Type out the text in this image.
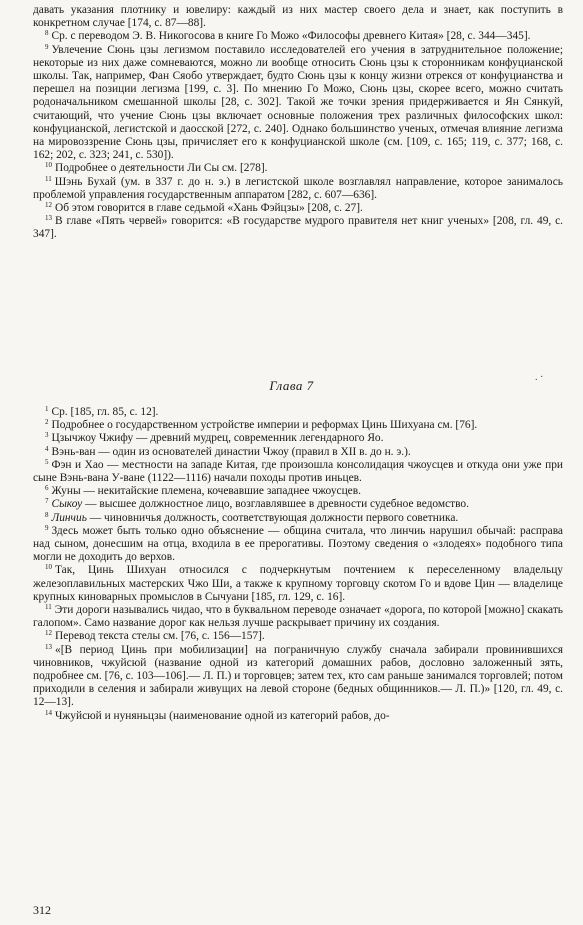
давать указания плотнику и ювелиру: каждый из них мастер своего дела и знает, как поступить в конкретном случае [174, с. 87—88].

$^8$ Ср. с переводом Э. В. Никогосова в книге Го Можо «Философы древнего Китая» [28, с. 344—345].

$^9$ Увлечение Сюнь цзы легизмом поставило исследователей его учения в затруднительное положение; некоторые из них даже сомневаются, можно ли вообще относить Сюнь цзы к сторонникам конфуцианской школы. Так, например, Фан Сяобо утверждает, будто Сюнь цзы к концу жизни отрекся от конфуцианства и перешел на позиции легизма [199, с. 3]. По мнению Го Можо, Сюнь цзы, скорее всего, можно считать родоначальником смешанной школы [28, с. 302]. Такой же точки зрения придерживается и Ян Сянкуй, считающий, что учение Сюнь цзы включает основные положения трех различных философских школ: конфуцианской, легистской и даосской [272, с. 240]. Однако большинство ученых, отмечая влияние легизма на мировоззрение Сюнь цзы, причисляет его к конфуцианской школе (см. [109, с. 165; 119, с. 377; 168, с. 162; 202, с. 323; 241, с. 530]).

$^{10}$ Подробнее о деятельности Ли Сы см. [278].

$^{11}$ Шэнь Бухай (ум. в 337 г. до н. э.) в легистской школе возглавлял направление, которое занималось проблемой управления государственным аппаратом [282, с. 607—636].

$^{12}$ Об этом говорится в главе седьмой «Хань Фэйцзы» [208, с. 27].

$^{13}$ В главе «Пять червей» говорится: «В государстве мудрого правителя нет книг ученых» [208, гл. 49, с. 347].

Глава 7
. ·

$^1$ Ср. [185, гл. 85, с. 12].

$^2$ Подробнее о государственном устройстве империи и реформах Цинь Шихуана см. [76].

$^3$ Цзычжоу Чжифу — древний мудрец, современник легендарного Яо.

$^4$ Вэнь-ван — один из основателей династии Чжоу (правил в XII в. до н. э.).

$^5$ Фэн и Хао — местности на западе Китая, где произошла консолидация чжоусцев и откуда они уже при сыне Вэнь-вана У-ване (1122—1116) начали походы против иньцев.

$^6$ Жуны — некитайские племена, кочевавшие западнее чжоусцев.

$^7$ Сыкоу — высшее должностное лицо, возглавлявшее в древности судебное ведомство.

$^8$ Линчиь — чиновничья должность, соответствующая должности первого советника.

$^9$ Здесь может быть только одно объяснение — община считала, что линчиь нарушил обычай: расправа над сыном, донесшим на отца, входила в ее прерогативы. Поэтому сведения о «злодеях» подобного типа могли не доходить до верхов.

$^{10}$ Так, Цинь Шихуан относился с подчеркнутым почтением к переселенному владельцу железоплавильных мастерских Чжо Ши, а также к крупному торговцу скотом Го и вдове Цин — владелице крупных киноварных промыслов в Сычуани [185, гл. 129, с. 16].

$^{11}$ Эти дороги назывались чидао, что в буквальном переводе означает «дорога, по которой [можно] скакать галопом». Само название дорог как нельзя лучше раскрывает причину их создания.

$^{12}$ Перевод текста стелы см. [76, с. 156—157].

$^{13}$ «[В период Цинь при мобилизации] на пограничную службу сначала забирали провинившихся чиновников, чжуйсюй (название одной из категорий домашних рабов, дословно заложенный зять, подробнее см. [76, с. 103—106].— Л. П.) и торговцев; затем тех, кто сам раньше занимался торговлей; потом приходили в селения и забирали живущих на левой стороне (бедных общинников.— Л. П.)» [120, гл. 49, с. 12—13].

$^{14}$ Чжуйсюй и нуняньцзы (наименование одной из категорий рабов, до-

312
